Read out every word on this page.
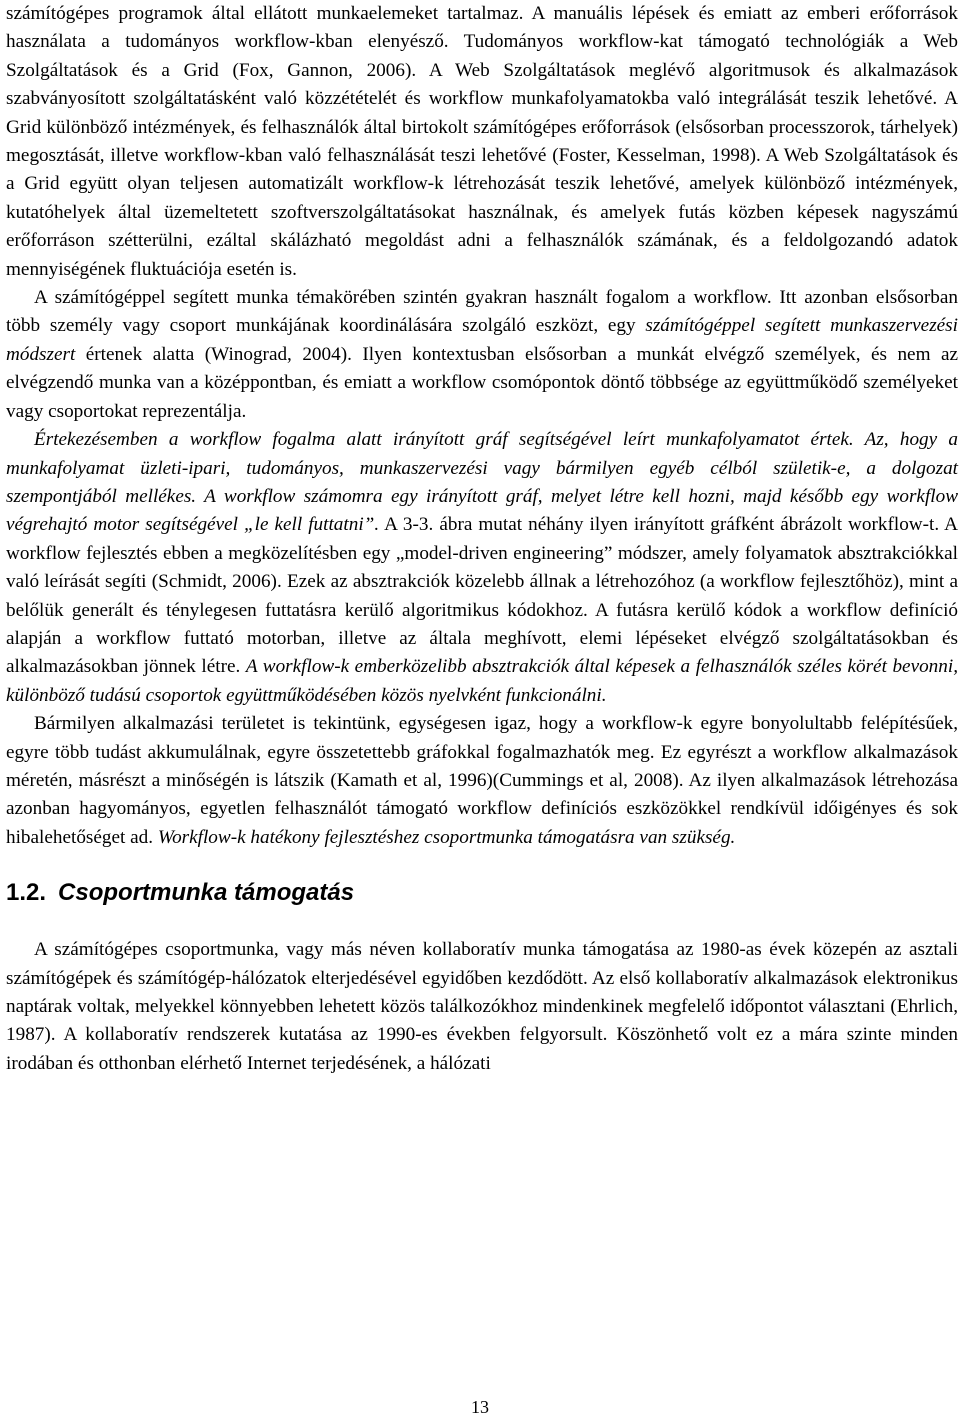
számítógépes programok által ellátott munkaelemeket tartalmaz. A manuális lépések és emiatt az emberi erőforrások használata a tudományos workflow-kban elenyésző. Tudományos workflow-kat támogató technológiák a Web Szolgáltatások és a Grid (Fox, Gannon, 2006). A Web Szolgáltatások meglévő algoritmusok és alkalmazások szabványosított szolgáltatásként való közzétételét és workflow munkafolyamatokba való integrálását teszik lehetővé. A Grid különböző intézmények, és felhasználók által birtokolt számítógépes erőforrások (elsősorban processzorok, tárhelyek) megosztását, illetve workflow-kban való felhasználását teszi lehetővé (Foster, Kesselman, 1998). A Web Szolgáltatások és a Grid együtt olyan teljesen automatizált workflow-k létrehozását teszik lehetővé, amelyek különböző intézmények, kutatóhelyek által üzemeltetett szoftverszolgáltatásokat használnak, és amelyek futás közben képesek nagyszámú erőforráson szétterülni, ezáltal skálázható megoldást adni a felhasználók számának, és a feldolgozandó adatok mennyiségének fluktuációja esetén is.

A számítógéppel segített munka témakörében szintén gyakran használt fogalom a workflow. Itt azonban elsősorban több személy vagy csoport munkájának koordinálására szolgáló eszközt, egy számítógéppel segített munkaszervezési módszert értenek alatta (Winograd, 2004). Ilyen kontextusban elsősorban a munkát elvégző személyek, és nem az elvégzendő munka van a középpontban, és emiatt a workflow csomópontok döntő többsége az együttműködő személyeket vagy csoportokat reprezentálja.

Értekezésemben a workflow fogalma alatt irányított gráf segítségével leírt munkafolyamatot értek. Az, hogy a munkafolyamat üzleti-ipari, tudományos, munkaszervezési vagy bármilyen egyéb célból születik-e, a dolgozat szempontjából mellékes. A workflow számomra egy irányított gráf, melyet létre kell hozni, majd később egy workflow végrehajtó motor segítségével „le kell futtatni”. A 3-3. ábra mutat néhány ilyen irányított gráfként ábrázolt workflow-t. A workflow fejlesztés ebben a megközelítésben egy „model-driven engineering” módszer, amely folyamatok absztrakciókkal való leírását segíti (Schmidt, 2006). Ezek az absztrakciók közelebb állnak a létrehozóhoz (a workflow fejlesztőhöz), mint a belőlük generált és ténylegesen futtatásra kerülő algoritmikus kódokhoz. A futásra kerülő kódok a workflow definíció alapján a workflow futtató motorban, illetve az általa meghívott, elemi lépéseket elvégző szolgáltatásokban és alkalmazásokban jönnek létre. A workflow-k emberközelibb absztrakciók által képesek a felhasználók széles körét bevonni, különböző tudású csoportok együttműködésében közös nyelvként funkcionálni.

Bármilyen alkalmazási területet is tekintünk, egységesen igaz, hogy a workflow-k egyre bonyolultabb felépítésűek, egyre több tudást akkumulálnak, egyre összetettebb gráfokkal fogalmazhatók meg. Ez egyrészt a workflow alkalmazások méretén, másrészt a minőségén is látszik (Kamath et al, 1996)(Cummings et al, 2008). Az ilyen alkalmazások létrehozása azonban hagyományos, egyetlen felhasználót támogató workflow definíciós eszközökkel rendkívül időigényes és sok hibalehetőséget ad. Workflow-k hatékony fejlesztéshez csoportmunka támogatásra van szükség.

1.2. Csoportmunka támogatás

A számítógépes csoportmunka, vagy más néven kollaboratív munka támogatása az 1980-as évek közepén az asztali számítógépek és számítógép-hálózatok elterjedésével egyidőben kezdődött. Az első kollaboratív alkalmazások elektronikus naptárak voltak, melyekkel könnyebben lehetett közös találkozókhoz mindenkinek megfelelő időpontot választani (Ehrlich, 1987). A kollaboratív rendszerek kutatása az 1990-es években felgyorsult. Köszönhető volt ez a mára szinte minden irodában és otthonban elérhető Internet terjedésének, a hálózati

13
